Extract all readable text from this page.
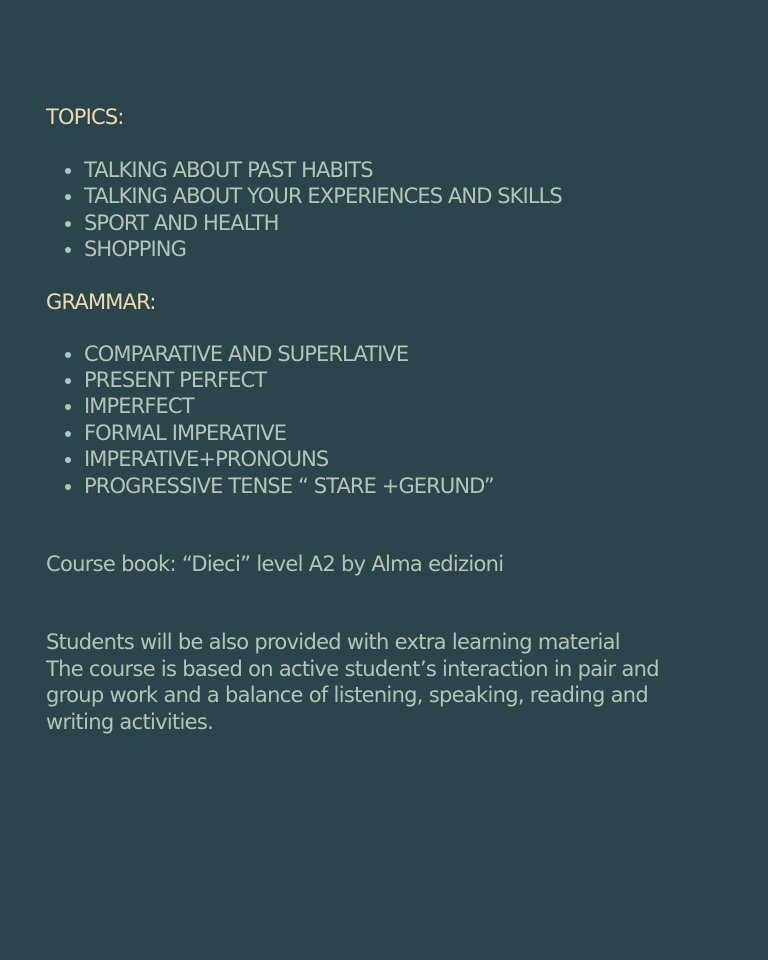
TOPICS:
TALKING ABOUT PAST HABITS
TALKING ABOUT YOUR EXPERIENCES AND SKILLS
SPORT AND HEALTH
SHOPPING
GRAMMAR:
COMPARATIVE AND SUPERLATIVE
PRESENT PERFECT
IMPERFECT
FORMAL IMPERATIVE
IMPERATIVE+PRONOUNS
PROGRESSIVE TENSE “ STARE +GERUND”

Course book: “Dieci” level A2 by Alma edizioni

Students will be also provided with extra learning material

The course is based on active student’s interaction in pair and

group work and a balance of listening, speaking, reading and

writing activities.
